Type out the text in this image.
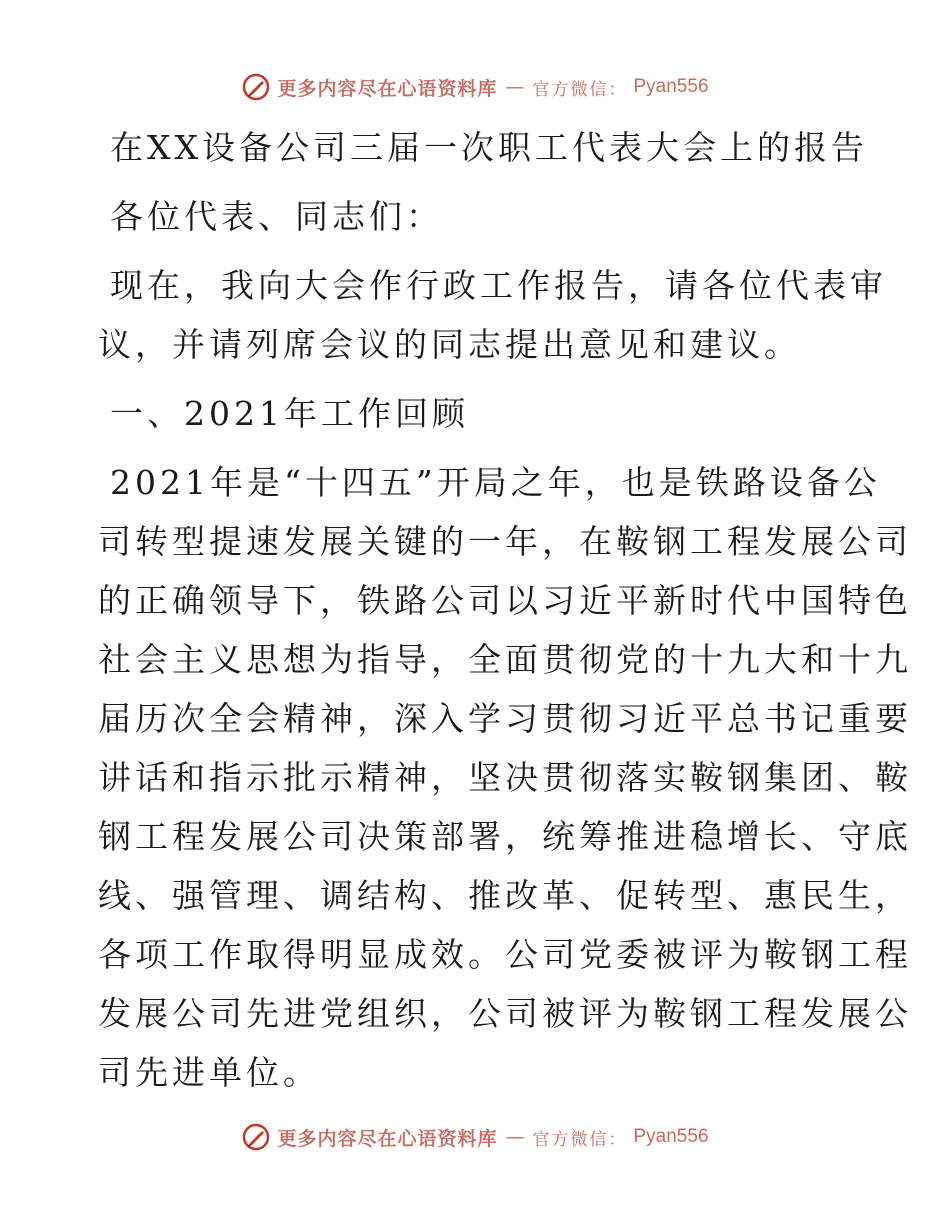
更多内容尽在心语资料库 — 官方微信： Pyan556
在XX设备公司三届一次职工代表大会上的报告
各位代表、同志们：
现在，我向大会作行政工作报告，请各位代表审
议，并请列席会议的同志提出意见和建议。
一、2021年工作回顾
2021年是“十四五”开局之年，也是铁路设备公
司转型提速发展关键的一年，在鞍钢工程发展公司
的正确领导下，铁路公司以习近平新时代中国特色
社会主义思想为指导，全面贯彻党的十九大和十九
届历次全会精神，深入学习贯彻习近平总书记重要
讲话和指示批示精神，坚决贯彻落实鞍钢集团、鞍
钢工程发展公司决策部署，统筹推进稳增长、守底
线、强管理、调结构、推改革、促转型、惠民生，
各项工作取得明显成效。公司党委被评为鞍钢工程
发展公司先进党组织，公司被评为鞍钢工程发展公
司先进单位。
更多内容尽在心语资料库 — 官方微信： Pyan556
